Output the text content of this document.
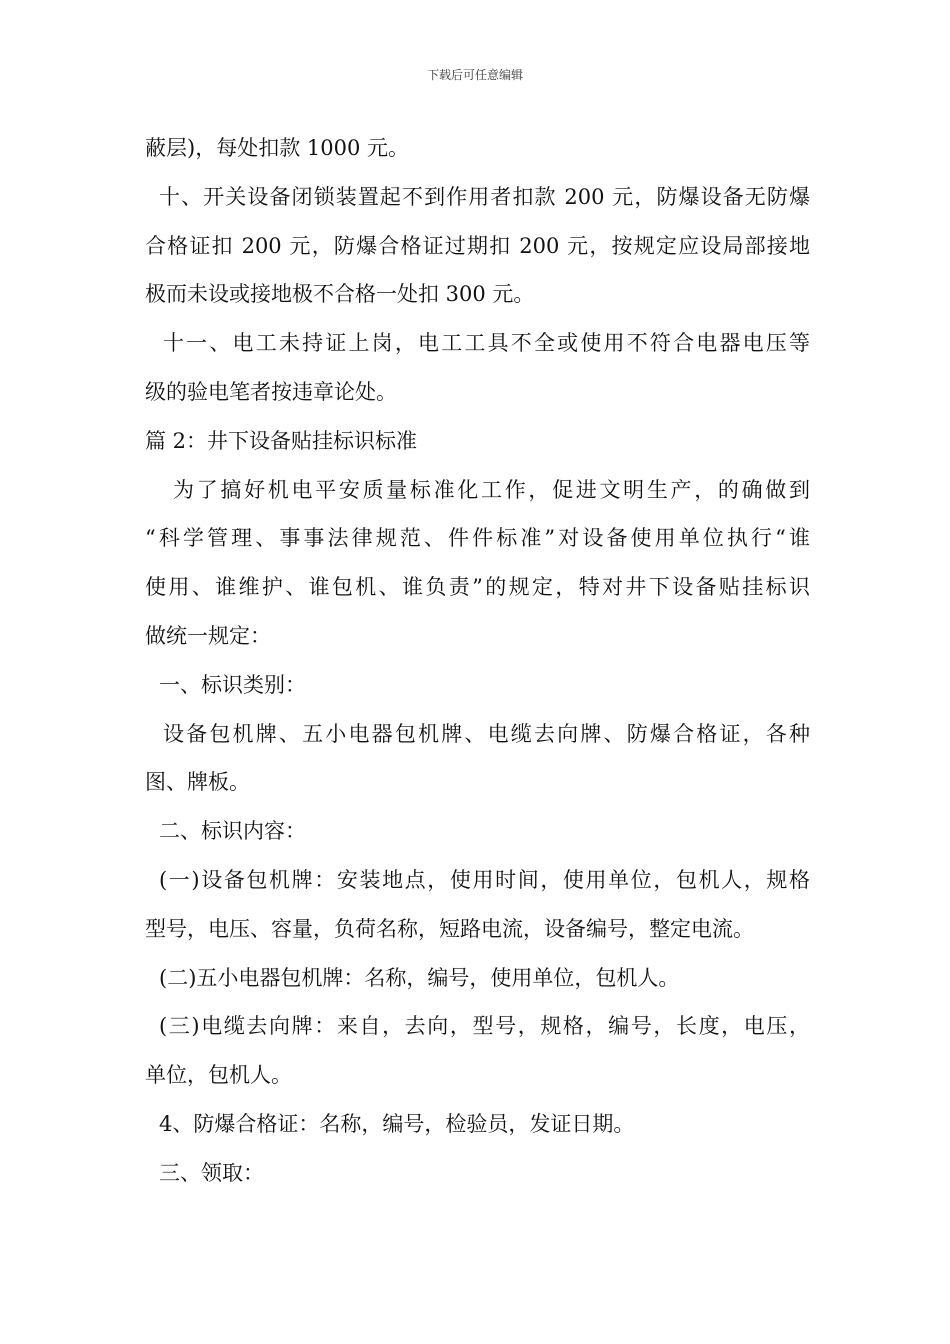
下载后可任意编辑
蔽层)，每处扣款 1000 元。
十、开关设备闭锁装置起不到作用者扣款 200 元，防爆设备无防爆
合格证扣 200 元，防爆合格证过期扣 200 元，按规定应设局部接地
极而未设或接地极不合格一处扣 300 元。
十一、电工未持证上岗，电工工具不全或使用不符合电器电压等
级的验电笔者按违章论处。
篇 2：井下设备贴挂标识标准
为了搞好机电平安质量标准化工作，促进文明生产，的确做到
“科学管理、事事法律规范、件件标准”对设备使用单位执行“谁
使用、谁维护、谁包机、谁负责”的规定，特对井下设备贴挂标识
做统一规定：
一、标识类别：
设备包机牌、五小电器包机牌、电缆去向牌、防爆合格证，各种
图、牌板。
二、标识内容：
(一)设备包机牌：安装地点，使用时间，使用单位，包机人，规格
型号，电压、容量，负荷名称，短路电流，设备编号，整定电流。
(二)五小电器包机牌：名称，编号，使用单位，包机人。
(三)电缆去向牌：来自，去向，型号，规格，编号，长度，电压，
单位，包机人。
4、防爆合格证：名称，编号，检验员，发证日期。
三、领取：
